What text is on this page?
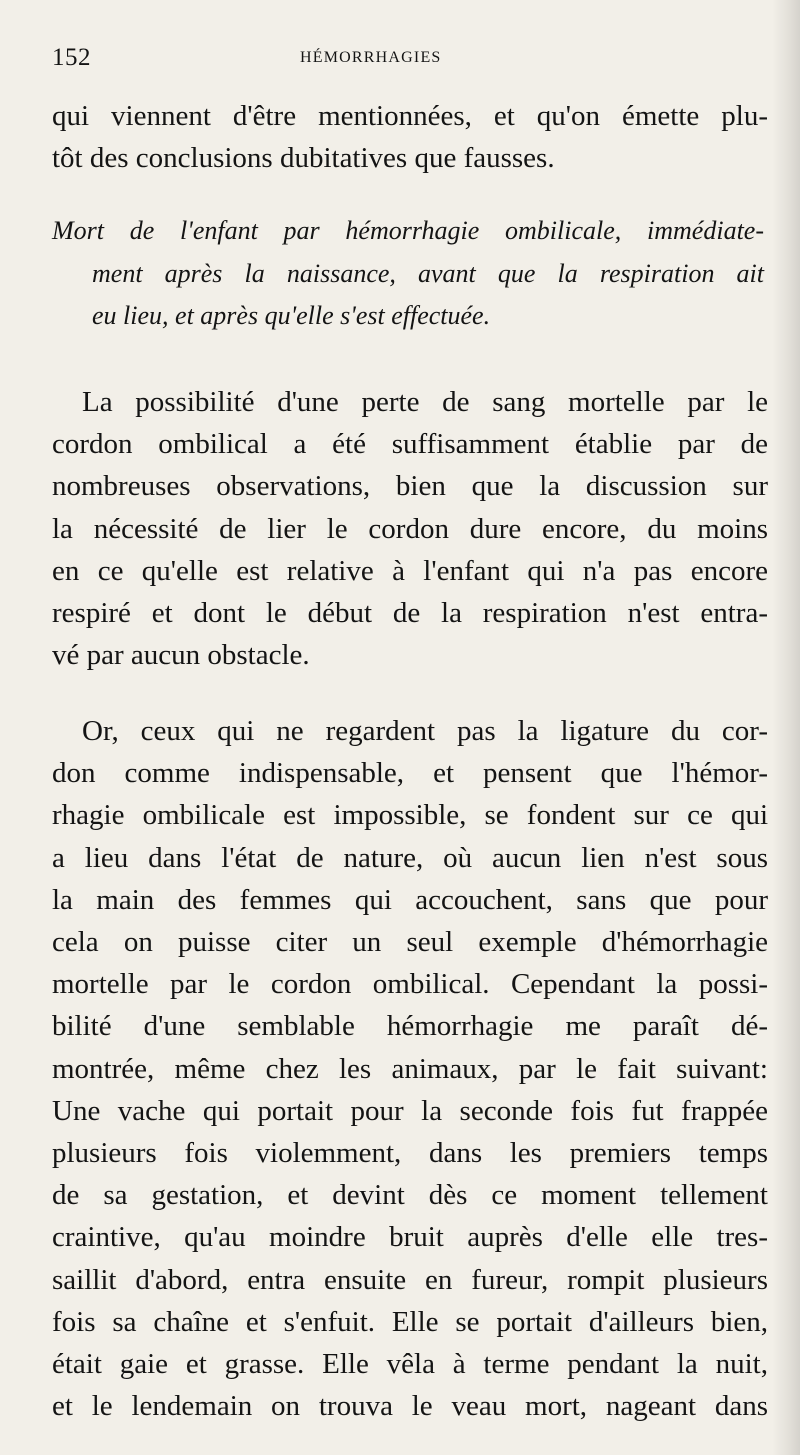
152	HÉMORRHAGIES
qui viennent d'être mentionnées, et qu'on émette plu-
tôt des conclusions dubitatives que fausses.
Mort de l'enfant par hémorrhagie ombilicale, immédiate-
ment après la naissance, avant que la respiration ait
eu lieu, et après qu'elle s'est effectuée.
La possibilité d'une perte de sang mortelle par le
cordon ombilical a été suffisamment établie par de
nombreuses observations, bien que la discussion sur
la nécessité de lier le cordon dure encore, du moins
en ce qu'elle est relative à l'enfant qui n'a pas encore
respiré et dont le début de la respiration n'est entra-
vé par aucun obstacle.
Or, ceux qui ne regardent pas la ligature du cor-
don comme indispensable, et pensent que l'hémor-
rhagie ombilicale est impossible, se fondent sur ce qui
a lieu dans l'état de nature, où aucun lien n'est sous
la main des femmes qui accouchent, sans que pour
cela on puisse citer un seul exemple d'hémorrhagie
mortelle par le cordon ombilical. Cependant la possi-
bilité d'une semblable hémorrhagie me paraît dé-
montrée, même chez les animaux, par le fait suivant:
Une vache qui portait pour la seconde fois fut frappée
plusieurs fois violemment, dans les premiers temps
de sa gestation, et devint dès ce moment tellement
craintive, qu'au moindre bruit auprès d'elle elle tres-
saillit d'abord, entra ensuite en fureur, rompit plusieurs
fois sa chaîne et s'enfuit. Elle se portait d'ailleurs bien,
était gaie et grasse. Elle vêla à terme pendant la nuit,
et le lendemain on trouva le veau mort, nageant dans
